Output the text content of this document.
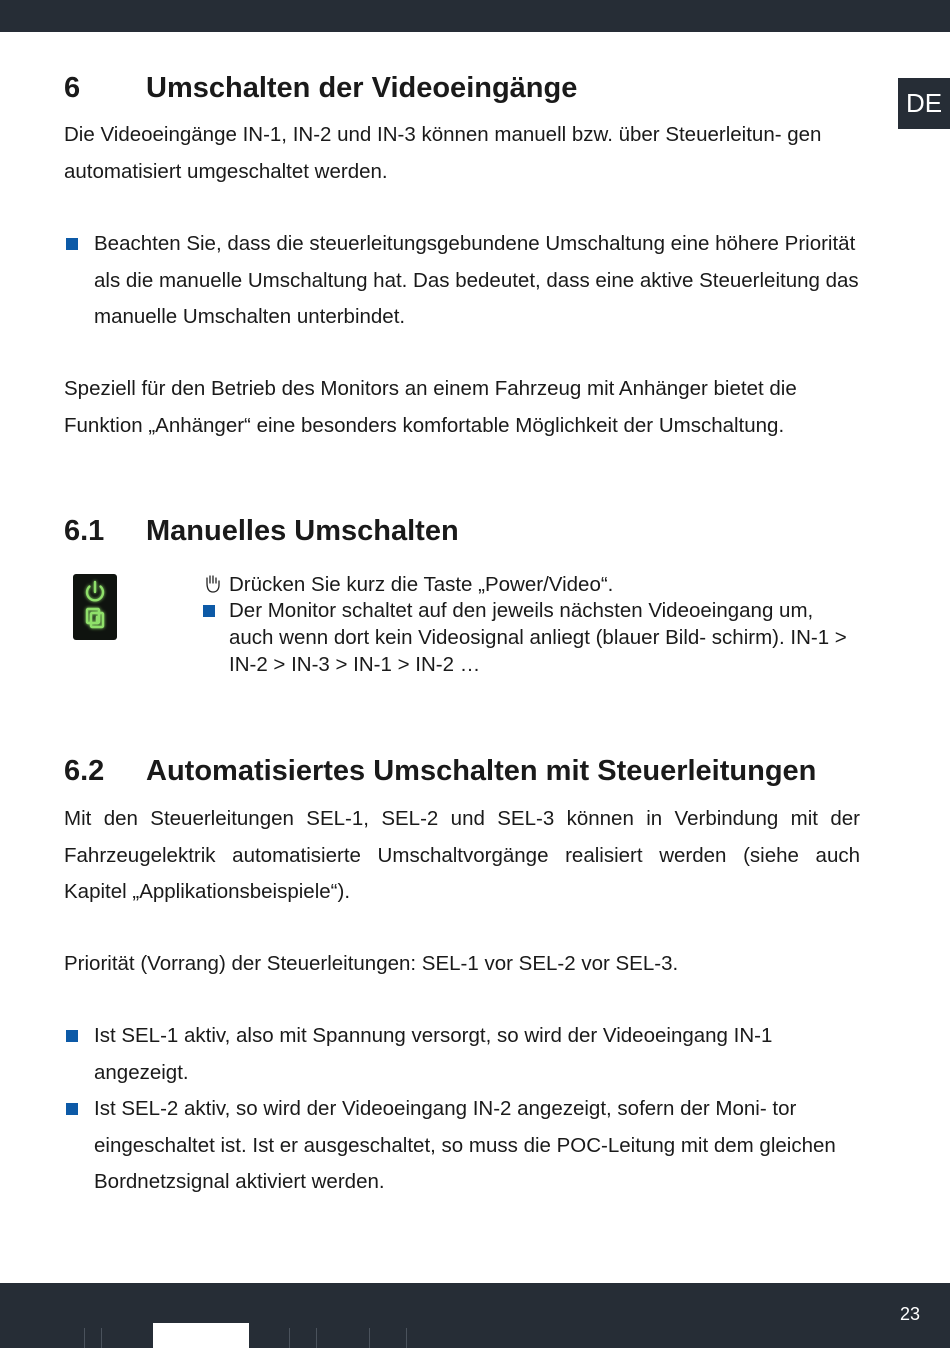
DE
6 Umschalten der Videoeingänge

Die Videoeingänge IN-1, IN-2 und IN-3 können manuell bzw. über Steuerleitun- gen automatisiert umgeschaltet werden.

Beachten Sie, dass die steuerleitungsgebundene Umschaltung eine höhere Priorität als die manuelle Umschaltung hat. Das bedeutet, dass eine aktive Steuerleitung das manuelle Umschalten unterbindet.

Speziell für den Betrieb des Monitors an einem Fahrzeug mit Anhänger bietet die Funktion „Anhänger“ eine besonders komfortable Möglichkeit der Umschaltung.

6.1 Manuelles Umschalten
Drücken Sie kurz die Taste „Power/Video“.
Der Monitor schaltet auf den jeweils nächsten Videoeingang um, auch wenn dort kein Videosignal anliegt (blauer Bild- schirm). IN-1 > IN-2 > IN-3 > IN-1 > IN-2 …
6.2 Automatisiertes Umschalten mit Steuerleitungen

Mit den Steuerleitungen SEL-1, SEL-2 und SEL-3 können in Verbindung mit der Fahrzeugelektrik automatisierte Umschaltvorgänge realisiert werden (siehe auch Kapitel „Applikationsbeispiele“).

Priorität (Vorrang) der Steuerleitungen: SEL-1 vor SEL-2 vor SEL-3.

Ist SEL-1 aktiv, also mit Spannung versorgt, so wird der Videoeingang IN-1 angezeigt.
Ist SEL-2 aktiv, so wird der Videoeingang IN-2 angezeigt, sofern der Moni- tor eingeschaltet ist. Ist er ausgeschaltet, so muss die POC-Leitung mit dem gleichen Bordnetzsignal aktiviert werden.
23
